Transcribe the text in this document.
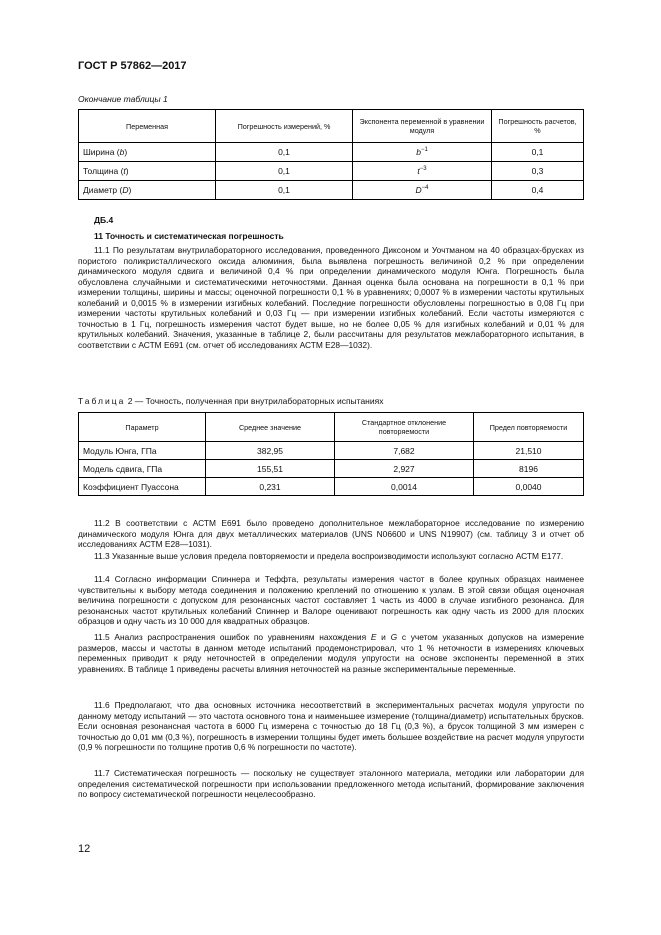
ГОСТ Р 57862—2017
Окончание таблицы 1
Переменная	Погрешность измерений, %	Экспонента переменной в уравнении модуля	Погрешность расчетов, %
Ширина (b)	0,1	$b^{-1}$	0,1
Толщина (t)	0,1	$t^{-3}$	0,3
Диаметр (D)	0,1	$D^{-4}$	0,4
ДБ.4
11 Точность и систематическая погрешность

11.1 По результатам внутрилабораторного исследования, проведенного Диксоном и Уочтманом на 40 образцах-брусках из пористого поликристаллического оксида алюминия, была выявлена погрешность величиной 0,2 % при определении динамического модуля сдвига и величиной 0,4 % при определении динамического модуля Юнга. Погрешность была обусловлена случайными и систематическими неточностями. Данная оценка была основана на погрешности в 0,1 % при измерении толщины, ширины и массы; оценочной погрешности 0,1 % в уравнениях; 0,0007 % в измерении частоты крутильных колебаний и 0,0015 % в измерении изгибных колебаний. Последние погрешности обусловлены погрешностью в 0,08 Гц при измерении частоты крутильных колебаний и 0,03 Гц — при измерении изгибных колебаний. Если частоты измеряются с точностью в 1 Гц, погрешность измерения частот будет выше, но не более 0,05 % для изгибных колебаний и 0,01 % для крутильных колебаний. Значения, указанные в таблице 2, были рассчитаны для результатов межлабораторного испытания, в соответствии с АСТМ Е691 (см. отчет об исследованиях АСТМ Е28—1032).

Таблица 2 — Точность, полученная при внутрилабораторных испытаниях
Параметр	Среднее значение	Стандартное отклонение повторяемости	Предел повторяемости
Модуль Юнга, ГПа	382,95	7,682	21,510
Модель сдвига, ГПа	155,51	2,927	8196
Коэффициент Пуассона	0,231	0,0014	0,0040

11.2 В соответствии с АСТМ Е691 было проведено дополнительное межлабораторное исследование по измерению динамического модуля Юнга для двух металлических материалов (UNS N06600 и UNS N19907) (см. таблицу 3 и отчет об исследованиях АСТМ Е28—1031).

11.3 Указанные выше условия предела повторяемости и предела воспроизводимости используют согласно АСТМ Е177.

11.4 Согласно информации Спиннера и Теффта, результаты измерения частот в более крупных образцах наименее чувствительны к выбору метода соединения и положению креплений по отношению к узлам. В этой связи общая оценочная величина погрешности с допуском для резонансных частот составляет 1 часть из 4000 в случае изгибного резонанса. Для резонансных частот крутильных колебаний Спиннер и Валоре оценивают погрешность как одну часть из 2000 для плоских образцов и одну часть из 10 000 для квадратных образцов.

11.5 Анализ распространения ошибок по уравнениям нахождения E и G с учетом указанных допусков на измерение размеров, массы и частоты в данном методе испытаний продемонстрировал, что 1 % неточности в измерениях ключевых переменных приводит к ряду неточностей в определении модуля упругости на основе экспоненты переменной в этих уравнениях. В таблице 1 приведены расчеты влияния неточностей на разные экспериментальные переменные.

11.6 Предполагают, что два основных источника несоответствий в экспериментальных расчетах модуля упругости по данному методу испытаний — это частота основного тона и наименьшее измерение (толщина/диаметр) испытательных брусков. Если основная резонансная частота в 6000 Гц измерена с точностью до 18 Гц (0,3 %), а брусок толщиной 3 мм измерен с точностью до 0,01 мм (0,3 %), погрешность в измерении толщины будет иметь большее воздействие на расчет модуля упругости (0,9 % погрешности по толщине против 0,6 % погрешности по частоте).

11.7 Систематическая погрешность — поскольку не существует эталонного материала, методики или лаборатории для определения систематической погрешности при использовании предложенного метода испытаний, формирование заключения по вопросу систематической погрешности нецелесообразно.

12
